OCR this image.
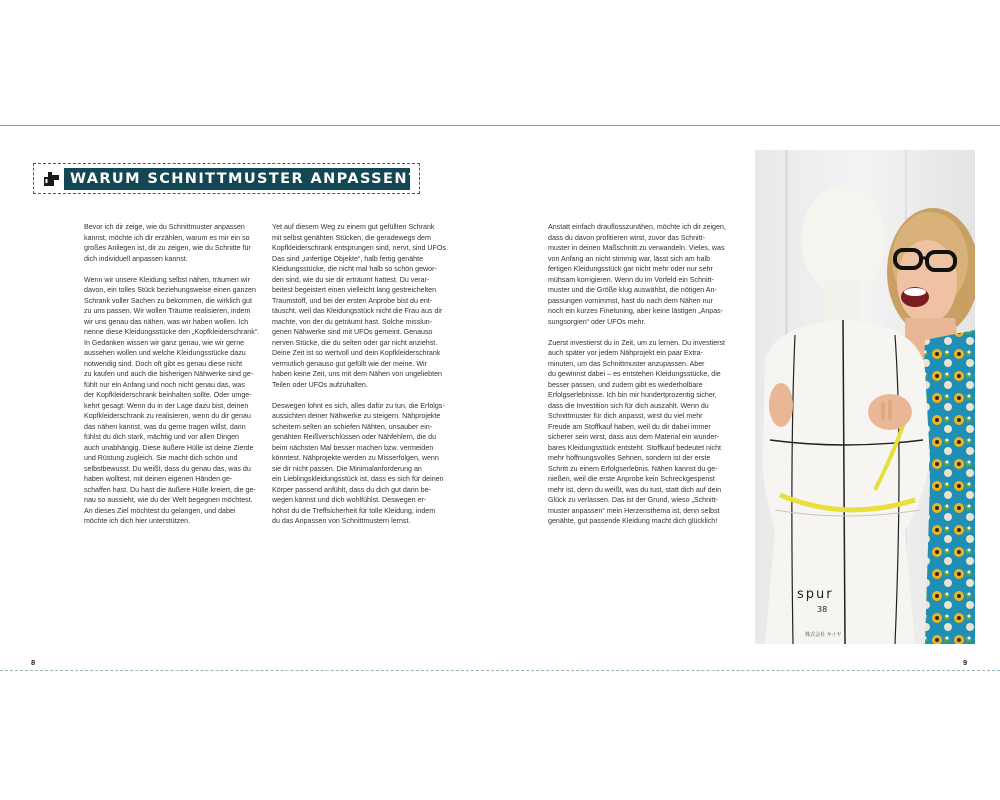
WARUM SCHNITTMUSTER ANPASSEN?

Bevor ich dir zeige, wie du Schnittmuster anpassen
kannst, möchte ich dir erzählen, warum es mir ein so
großes Anliegen ist, dir zu zeigen, wie du Schnitte für
dich individuell anpassen kannst.

Wenn wir unsere Kleidung selbst nähen, träumen wir
davon, ein tolles Stück beziehungsweise einen ganzen
Schrank voller Sachen zu bekommen, die wirklich gut
zu uns passen. Wir wollen Träume realisieren, indem
wir uns genau das nähen, was wir haben wollen. Ich
nenne diese Kleidungsstücke den „Kopfkleiderschrank“.
In Gedanken wissen wir ganz genau, wie wir gerne
aussehen wollen und welche Kleidungsstücke dazu
notwendig sind. Doch oft gibt es genau diese nicht
zu kaufen und auch die bisherigen Nähwerke sind ge-
fühlt nur ein Anfang und noch nicht genau das, was
der Kopfkleiderschrank beinhalten sollte. Oder umge-
kehrt gesagt: Wenn du in der Lage dazu bist, deinen
Kopfkleiderschrank zu realisieren, wenn du dir genau
das nähen kannst, was du gerne tragen willst, dann
fühlst du dich stark, mächtig und vor allen Dingen
auch unabhängig. Diese äußere Hülle ist deine Zierde
und Rüstung zugleich. Sie macht dich schön und
selbstbewusst. Du weißt, dass du genau das, was du
haben wolltest, mit deinen eigenen Händen ge-
schaffen hast. Du hast die äußere Hülle kreiert, die ge-
nau so aussieht, wie du der Welt begegnen möchtest.
An dieses Ziel möchtest du gelangen, und dabei
möchte ich dich hier unterstützen.

Yet auf diesem Weg zu einem gut gefüllten Schrank
mit selbst genähten Stücken, die geradewegs dem
Kopfkleiderschrank entsprungen sind, nervt, sind UFOs.
Das sind „unfertige Objekte“, halb fertig genähte
Kleidungsstücke, die nicht mal halb so schön gewor-
den sind, wie du sie dir erträumt hattest. Du verar-
beitest begeistert einen vielleicht lang gestreichelten
Traumstoff, und bei der ersten Anprobe bist du ent-
täuscht, weil das Kleidungsstück nicht die Frau aus dir
machte, von der du geträumt hast. Solche misslun-
genen Nähwerke sind mit UFOs gemeint. Genauso
nerven Stücke, die du selten oder gar nicht anziehst.
Deine Zeit ist so wertvoll und dein Kopfkleiderschrank
vermutlich genauso gut gefüllt wie der meine. Wir
haben keine Zeit, uns mit dem Nähen von ungeliebten
Teilen oder UFOs aufzuhalten.

Deswegen lohnt es sich, alles dafür zu tun, die Erfolgs-
aussichten deiner Nähwerke zu steigern. Nähprojekte
scheitern selten an schiefen Nähten, unsauber ein-
genähten Reißverschlüssen oder Nähfehlern, die du
beim nächsten Mal besser machen bzw. vermeiden
könntest. Nähprojekte werden zu Misserfolgen, wenn
sie dir nicht passen. Die Minimalanforderung an
ein Lieblingskleidungsstück ist, dass es sich für deinen
Körper passend anfühlt, dass du dich gut darin be-
wegen kannst und dich wohlfühlst. Deswegen er-
höhst du die Treffsicherheit für tolle Kleidung, indem
du das Anpassen von Schnittmustern lernst.

Anstatt einfach drauflosszunähen, möchte ich dir zeigen,
dass du davon profitieren wirst, zuvor das Schnitt-
muster in deinen Maßschnitt zu verwandeln. Vieles, was
von Anfang an nicht stimmig war, lässt sich am halb
fertigen Kleidungsstück gar nicht mehr oder nur sehr
mühsam korrigieren. Wenn du im Vorfeld ein Schnitt-
muster und die Größe klug auswählst, die nötigen An-
passungen vornimmst, hast du nach dem Nähen nur
noch ein kurzes Finetuning, aber keine lästigen „Anpas-
sungsorgien“ oder UFOs mehr.

Zuerst investierst du in Zeit, um zu lernen. Du investierst
auch später vor jedem Nähprojekt ein paar Extra-
minuten, um das Schnittmuster anzupassen. Aber
du gewinnst dabei – es entstehen Kleidungsstücke, die
besser passen, und zudem gibt es wiederholbare
Erfolgserlebnisse. Ich bin mir hundertprozentig sicher,
dass die Investition sich für dich auszahlt. Wenn du
Schnittmuster für dich anpasst, wirst du viel mehr
Freude am Stoffkauf haben, weil du dir dabei immer
sicherer sein wirst, dass aus dem Material ein wunder-
bares Kleidungsstück entsteht. Stoffkauf bedeutet nicht
mehr hoffnungsvolles Sehnen, sondern ist der erste
Schritt zu einem Erfolgserlebnis. Nähen kannst du ge-
nießen, weil die erste Anprobe kein Schreckgespenst
mehr ist, denn du weißt, was du tust, statt dich auf dein
Glück zu verlassen. Das ist der Grund, wieso „Schnitt-
muster anpassen“ mein Herzensthema ist, denn selbst
genähte, gut passende Kleidung macht dich glücklich!

spur
38
株式会社 キイヤ
8	9
